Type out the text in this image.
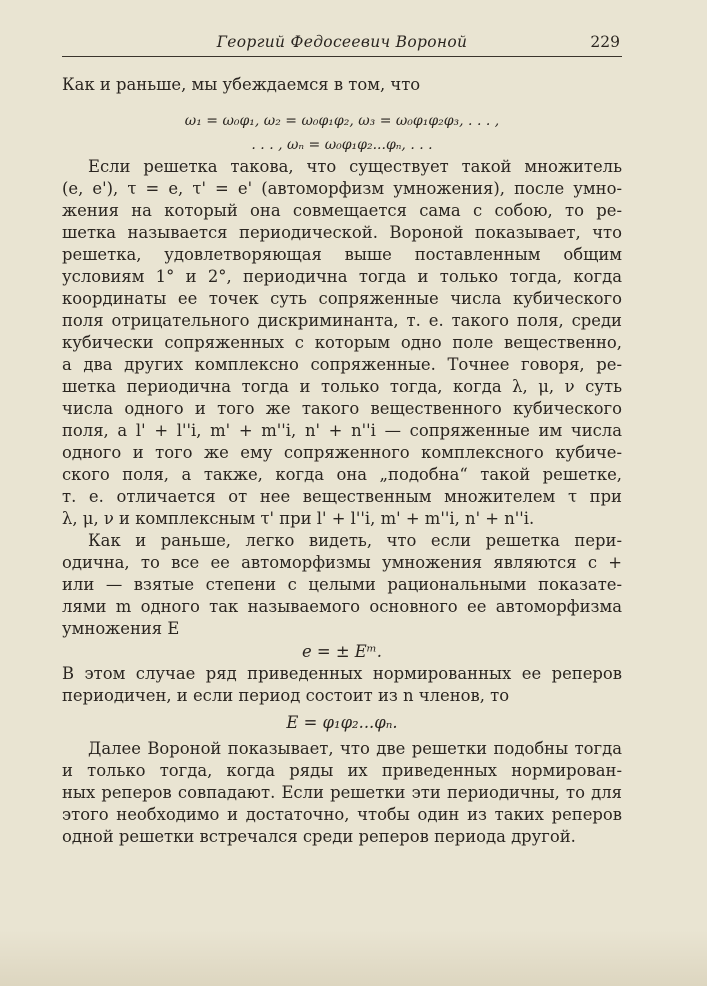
Георгий Федосеевич Вороной	229
Как и раньше, мы убеждаемся в том, что
ω₁ = ω₀φ₁, ω₂ = ω₀φ₁φ₂, ω₃ = ω₀φ₁φ₂φ₃, . . . ,
. . . , ωₙ = ω₀φ₁φ₂...φₙ, . . .
Если решетка такова, что существует такой множитель
(e, e'), τ = e, τ' = e' (автоморфизм умножения), после умно-
жения на который она совмещается сама с собою, то ре-
шетка называется периодической. Вороной показывает, что
решетка, удовлетворяющая выше поставленным общим
условиям 1° и 2°, периодична тогда и только тогда, когда
координаты ее точек суть сопряженные числа кубического
поля отрицательного дискриминанта, т. е. такого поля, среди
кубически сопряженных с которым одно поле вещественно,
а два других комплексно сопряженные. Точнее говоря, ре-
шетка периодична тогда и только тогда, когда λ, μ, ν суть
числа одного и того же такого вещественного кубического
поля, а l' + l''i, m' + m''i, n' + n''i — сопряженные им числа
одного и того же ему сопряженного комплексного кубиче-
ского поля, а также, когда она „подобна“ такой решетке,
т. е. отличается от нее вещественным множителем τ при
λ, μ, ν и комплексным τ' при l' + l''i, m' + m''i, n' + n''i.
Как и раньше, легко видеть, что если решетка пери-
одична, то все ее автоморфизмы умножения являются с +
или — взятые степени с целыми рациональными показате-
лями m одного так называемого основного ее автоморфизма
умножения E
e = ± Eᵐ.
В этом случае ряд приведенных нормированных ее реперов
периодичен, и если период состоит из n членов, то
E = φ₁φ₂...φₙ.
Далее Вороной показывает, что две решетки подобны тогда
и только тогда, когда ряды их приведенных нормирован-
ных реперов совпадают. Если решетки эти периодичны, то для
этого необходимо и достаточно, чтобы один из таких реперов
одной решетки встречался среди реперов периода другой.
